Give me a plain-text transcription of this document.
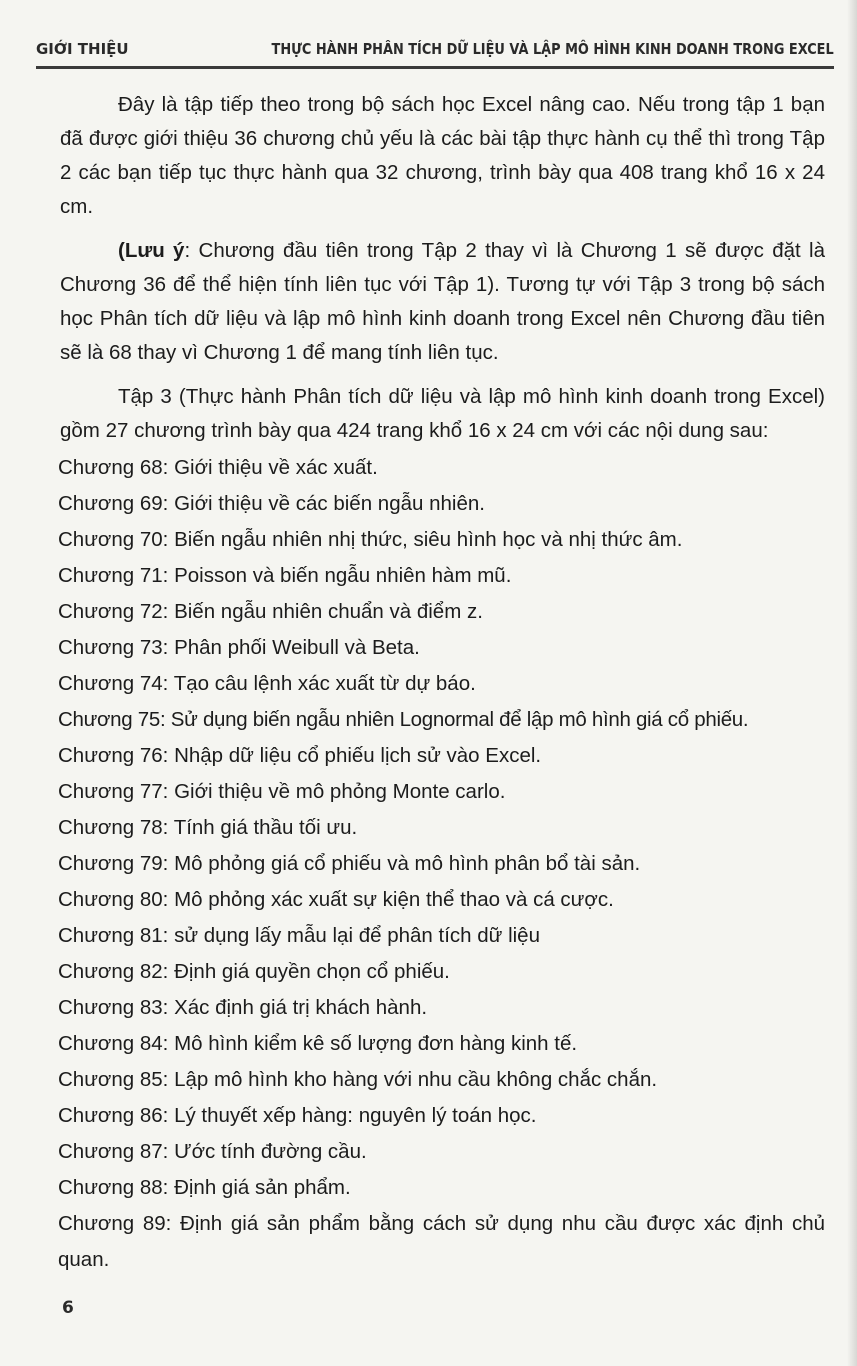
GIỚI THIỆU	THỰC HÀNH PHÂN TÍCH DỮ LIỆU VÀ LẬP MÔ HÌNH KINH DOANH TRONG EXCEL

Đây là tập tiếp theo trong bộ sách học Excel nâng cao. Nếu trong tập 1 bạn đã được giới thiệu 36 chương chủ yếu là các bài tập thực hành cụ thể thì trong Tập 2 các bạn tiếp tục thực hành qua 32 chương, trình bày qua 408 trang khổ 16 x 24 cm.

(Lưu ý: Chương đầu tiên trong Tập 2 thay vì là Chương 1 sẽ được đặt là Chương 36 để thể hiện tính liên tục với Tập 1). Tương tự với Tập 3 trong bộ sách học Phân tích dữ liệu và lập mô hình kinh doanh trong Excel nên Chương đầu tiên sẽ là 68 thay vì Chương 1 để mang tính liên tục.

Tập 3 (Thực hành Phân tích dữ liệu và lập mô hình kinh doanh trong Excel) gồm 27 chương trình bày qua 424 trang khổ 16 x 24 cm với các nội dung sau:

Chương 68: Giới thiệu về xác xuất.
Chương 69: Giới thiệu về các biến ngẫu nhiên.
Chương 70: Biến ngẫu nhiên nhị thức, siêu hình học và nhị thức âm.
Chương 71: Poisson và biến ngẫu nhiên hàm mũ.
Chương 72: Biến ngẫu nhiên chuẩn và điểm z.
Chương 73: Phân phối Weibull và Beta.
Chương 74: Tạo câu lệnh xác xuất từ dự báo.
Chương 75: Sử dụng biến ngẫu nhiên Lognormal để lập mô hình giá cổ phiếu.
Chương 76: Nhập dữ liệu cổ phiếu lịch sử vào Excel.
Chương 77: Giới thiệu về mô phỏng Monte carlo.
Chương 78: Tính giá thầu tối ưu.
Chương 79: Mô phỏng giá cổ phiếu và mô hình phân bổ tài sản.
Chương 80: Mô phỏng xác xuất sự kiện thể thao và cá cược.
Chương 81: sử dụng lấy mẫu lại để phân tích dữ liệu
Chương 82: Định giá quyền chọn cổ phiếu.
Chương 83: Xác định giá trị khách hành.
Chương 84: Mô hình kiểm kê số lượng đơn hàng kinh tế.
Chương 85: Lập mô hình kho hàng với nhu cầu không chắc chắn.
Chương 86: Lý thuyết xếp hàng: nguyên lý toán học.
Chương 87: Ước tính đường cầu.
Chương 88: Định giá sản phẩm.
Chương 89: Định giá sản phẩm bằng cách sử dụng nhu cầu được xác định chủ quan.
6
